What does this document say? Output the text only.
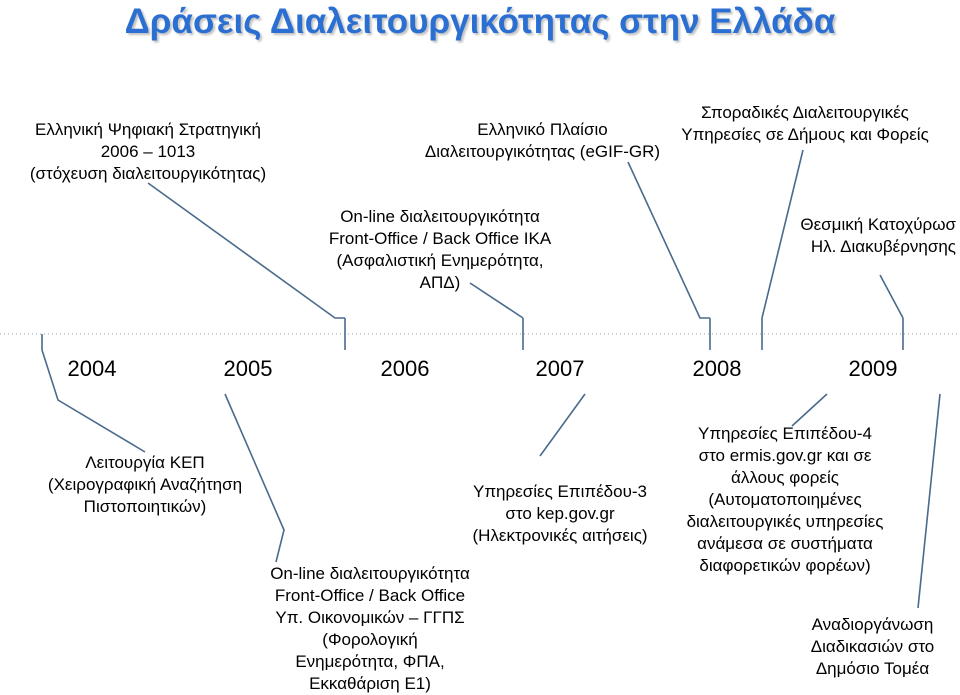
Δράσεις Διαλειτουργικότητας στην Ελλάδα
Ελληνική Ψηφιακή Στρατηγική
2006 – 1013
(στόχευση διαλειτουργικότητας)
Ελληνικό Πλαίσιο
Διαλειτουργικότητας (eGIF-GR)
Σποραδικές Διαλειτουργικές
Υπηρεσίες σε Δήμους και Φορείς
On-line διαλειτουργικότητα
Front-Office / Back Office ΙΚΑ
(Ασφαλιστική Ενημερότητα,
ΑΠΔ)
Θεσμική Κατοχύρωσ
Ηλ. Διακυβέρνησης
2004	2005	2006	2007	2008	2009
Λειτουργία ΚΕΠ
(Χειρογραφική Αναζήτηση
Πιστοποιητικών)
On-line διαλειτουργικότητα
Front-Office / Back Office
Υπ. Οικονομικών – ΓΓΠΣ
(Φορολογική
Ενημερότητα, ΦΠΑ,
Εκκαθάριση Ε1)
Υπηρεσίες Επιπέδου-3
στο kep.gov.gr
(Ηλεκτρονικές αιτήσεις)
Υπηρεσίες Επιπέδου-4
στο ermis.gov.gr και σε
άλλους φορείς
(Αυτοματοποιημένες
διαλειτουργικές υπηρεσίες
ανάμεσα σε συστήματα
διαφορετικών φορέων)
Αναδιοργάνωση
Διαδικασιών στο
Δημόσιο Τομέα
